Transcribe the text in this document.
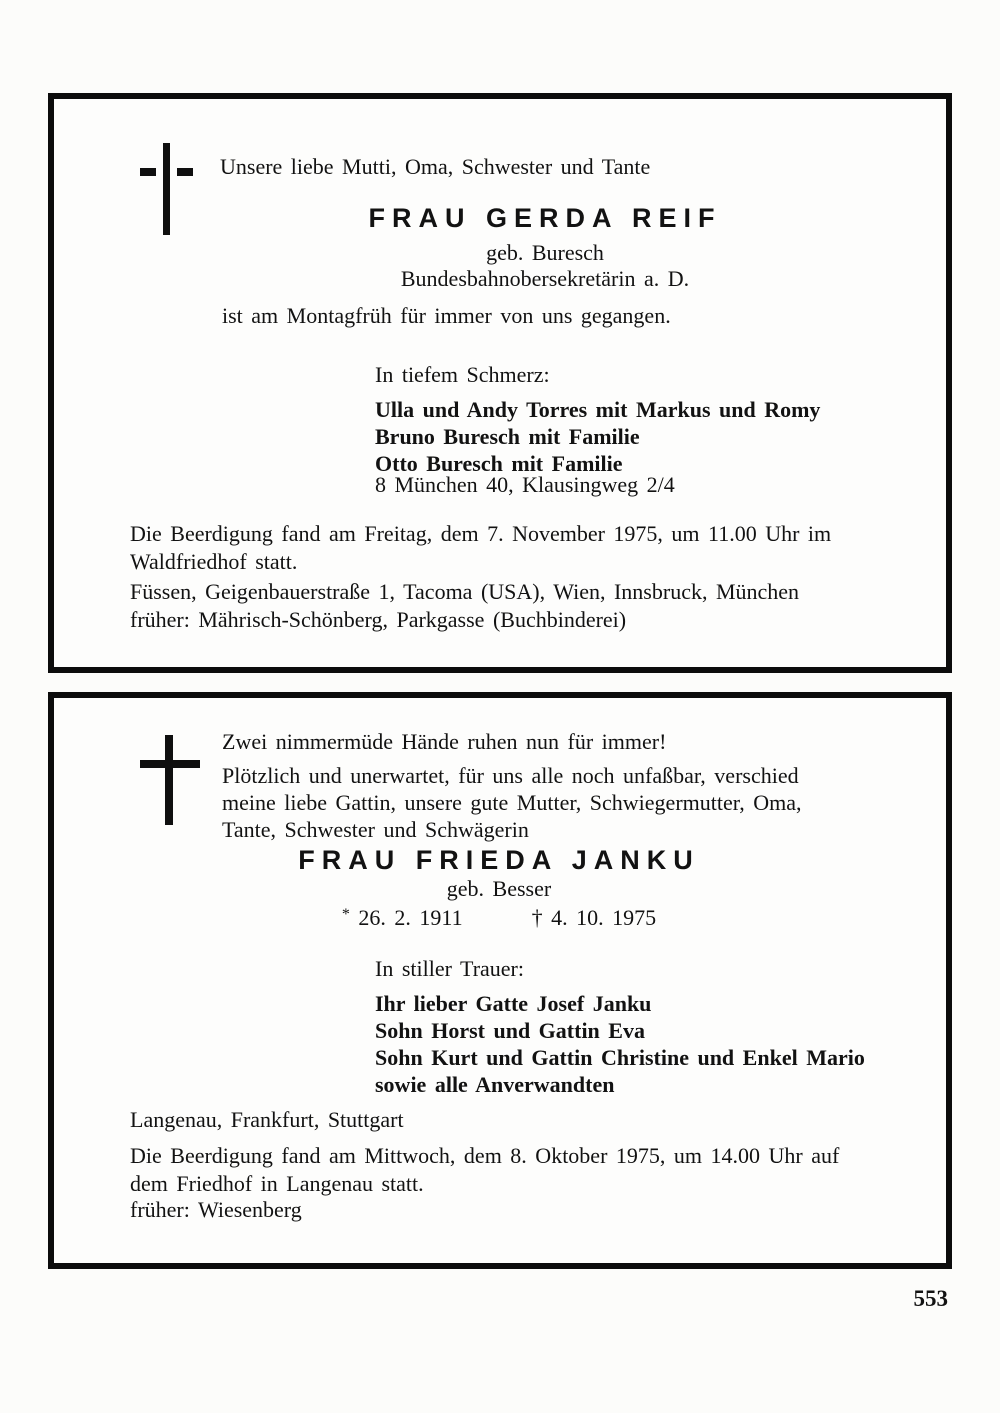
Unsere liebe Mutti, Oma, Schwester und Tante
FRAU GERDA REIF
geb. Buresch
Bundesbahnobersekretärin a. D.
ist am Montagfrüh für immer von uns gegangen.
In tiefem Schmerz:
Ulla und Andy Torres mit Markus und Romy
Bruno Buresch mit Familie
Otto Buresch mit Familie
8 München 40, Klausingweg 2/4
Die Beerdigung fand am Freitag, dem 7. November 1975, um 11.00 Uhr im
Waldfriedhof statt.
Füssen, Geigenbauerstraße 1, Tacoma (USA), Wien, Innsbruck, München
früher: Mährisch-Schönberg, Parkgasse (Buchbinderei)
Zwei nimmermüde Hände ruhen nun für immer!
Plötzlich und unerwartet, für uns alle noch unfaßbar, verschied
meine liebe Gattin, unsere gute Mutter, Schwiegermutter, Oma,
Tante, Schwester und Schwägerin
FRAU FRIEDA JANKU
geb. Besser
* 26. 2. 1911	† 4. 10. 1975
In stiller Trauer:
Ihr lieber Gatte Josef Janku
Sohn Horst und Gattin Eva
Sohn Kurt und Gattin Christine und Enkel Mario
sowie alle Anverwandten
Langenau, Frankfurt, Stuttgart
Die Beerdigung fand am Mittwoch, dem 8. Oktober 1975, um 14.00 Uhr auf
dem Friedhof in Langenau statt.
früher: Wiesenberg
553
